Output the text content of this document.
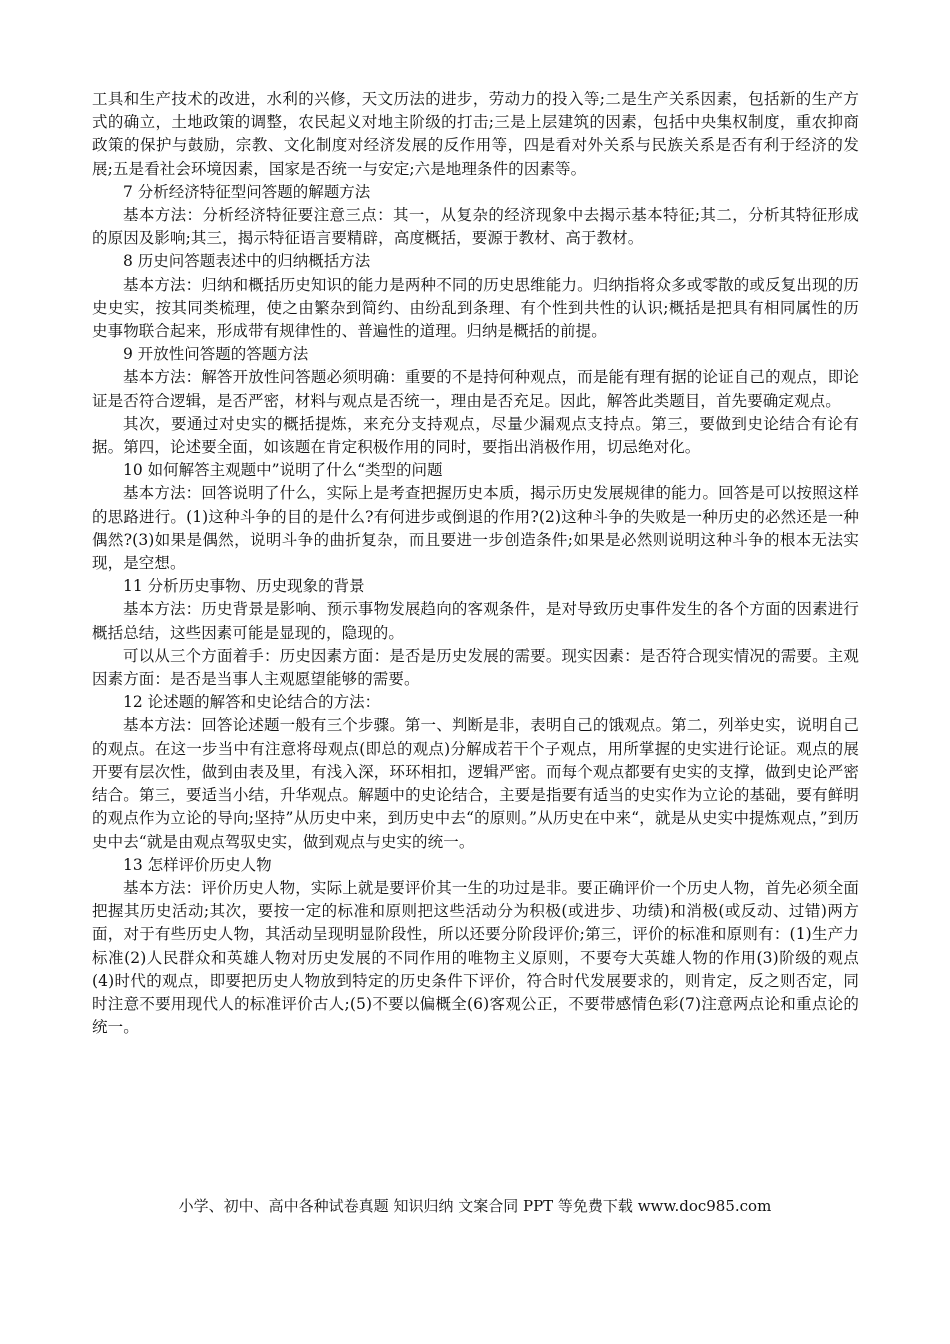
工具和生产技术的改进，水利的兴修，天文历法的进步，劳动力的投入等;二是生产关系因素，包括新的生产方式的确立，土地政策的调整，农民起义对地主阶级的打击;三是上层建筑的因素，包括中央集权制度，重农抑商政策的保护与鼓励，宗教、文化制度对经济发展的反作用等，四是看对外关系与民族关系是否有利于经济的发展;五是看社会环境因素，国家是否统一与安定;六是地理条件的因素等。

7 分析经济特征型问答题的解题方法

基本方法：分析经济特征要注意三点：其一，从复杂的经济现象中去揭示基本特征;其二，分析其特征形成的原因及影响;其三，揭示特征语言要精辟，高度概括，要源于教材、高于教材。

8 历史问答题表述中的归纳概括方法

基本方法：归纳和概括历史知识的能力是两种不同的历史思维能力。归纳指将众多或零散的或反复出现的历史史实，按其同类梳理，使之由繁杂到简约、由纷乱到条理、有个性到共性的认识;概括是把具有相同属性的历史事物联合起来，形成带有规律性的、普遍性的道理。归纳是概括的前提。

9 开放性问答题的答题方法

基本方法：解答开放性问答题必须明确：重要的不是持何种观点，而是能有理有据的论证自己的观点，即论证是否符合逻辑，是否严密，材料与观点是否统一，理由是否充足。因此，解答此类题目，首先要确定观点。

其次，要通过对史实的概括提炼，来充分支持观点，尽量少漏观点支持点。第三，要做到史论结合有论有据。第四，论述要全面，如该题在肯定积极作用的同时，要指出消极作用，切忌绝对化。

10 如何解答主观题中”说明了什么“类型的问题

基本方法：回答说明了什么，实际上是考查把握历史本质，揭示历史发展规律的能力。回答是可以按照这样的思路进行。(1)这种斗争的目的是什么?有何进步或倒退的作用?(2)这种斗争的失败是一种历史的必然还是一种偶然?(3)如果是偶然，说明斗争的曲折复杂，而且要进一步创造条件;如果是必然则说明这种斗争的根本无法实现，是空想。

11 分析历史事物、历史现象的背景

基本方法：历史背景是影响、预示事物发展趋向的客观条件，是对导致历史事件发生的各个方面的因素进行概括总结，这些因素可能是显现的，隐现的。

可以从三个方面着手：历史因素方面：是否是历史发展的需要。现实因素：是否符合现实情况的需要。主观因素方面：是否是当事人主观愿望能够的需要。

12 论述题的解答和史论结合的方法：

基本方法：回答论述题一般有三个步骤。第一、判断是非，表明自己的饿观点。第二，列举史实，说明自己的观点。在这一步当中有注意将母观点(即总的观点)分解成若干个子观点，用所掌握的史实进行论证。观点的展开要有层次性，做到由表及里，有浅入深，环环相扣，逻辑严密。而每个观点都要有史实的支撑，做到史论严密结合。第三，要适当小结，升华观点。解题中的史论结合，主要是指要有适当的史实作为立论的基础，要有鲜明的观点作为立论的导向;坚持”从历史中来，到历史中去“的原则。”从历史在中来“，就是从史实中提炼观点，”到历史中去“就是由观点驾驭史实，做到观点与史实的统一。

13 怎样评价历史人物

基本方法：评价历史人物，实际上就是要评价其一生的功过是非。要正确评价一个历史人物，首先必须全面把握其历史活动;其次，要按一定的标准和原则把这些活动分为积极(或进步、功绩)和消极(或反动、过错)两方面，对于有些历史人物，其活动呈现明显阶段性，所以还要分阶段评价;第三，评价的标准和原则有：(1)生产力标准(2)人民群众和英雄人物对历史发展的不同作用的唯物主义原则，不要夸大英雄人物的作用(3)阶级的观点(4)时代的观点，即要把历史人物放到特定的历史条件下评价，符合时代发展要求的，则肯定，反之则否定，同时注意不要用现代人的标准评价古人;(5)不要以偏概全(6)客观公正，不要带感情色彩(7)注意两点论和重点论的统一。

小学、初中、高中各种试卷真题 知识归纳 文案合同 PPT 等免费下载 www.doc985.com
